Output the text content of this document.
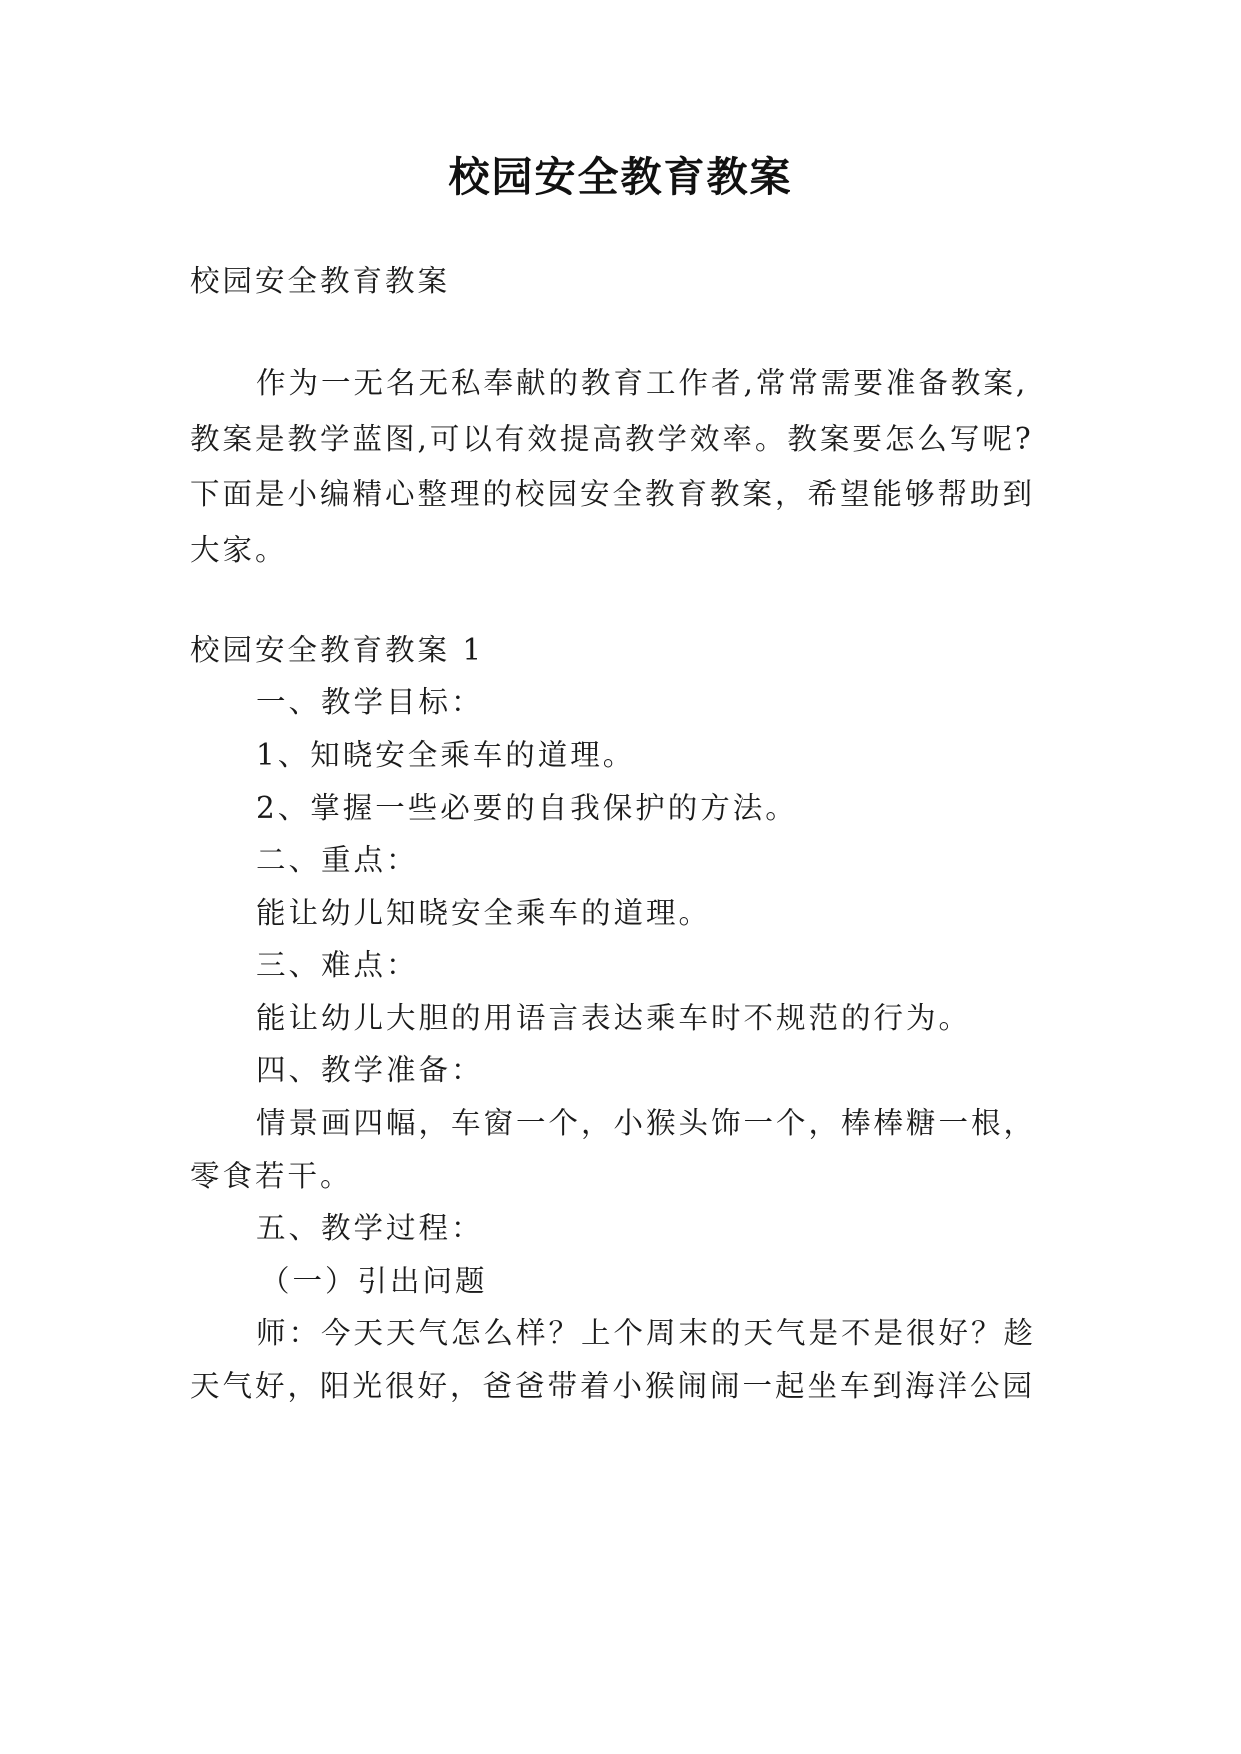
校园安全教育教案
校园安全教育教案
作为一无名无私奉献的教育工作者,常常需要准备教案,
教案是教学蓝图,可以有效提高教学效率。教案要怎么写呢?
下面是小编精心整理的校园安全教育教案，希望能够帮助到
大家。
校园安全教育教案 1
一、教学目标：
1、知晓安全乘车的道理。
2、掌握一些必要的自我保护的方法。
二、重点：
能让幼儿知晓安全乘车的道理。
三、难点：
能让幼儿大胆的用语言表达乘车时不规范的行为。
四、教学准备：
情景画四幅，车窗一个，小猴头饰一个，棒棒糖一根，
零食若干。
五、教学过程：
（一）引出问题
师：今天天气怎么样？上个周末的天气是不是很好？趁
天气好，阳光很好，爸爸带着小猴闹闹一起坐车到海洋公园
